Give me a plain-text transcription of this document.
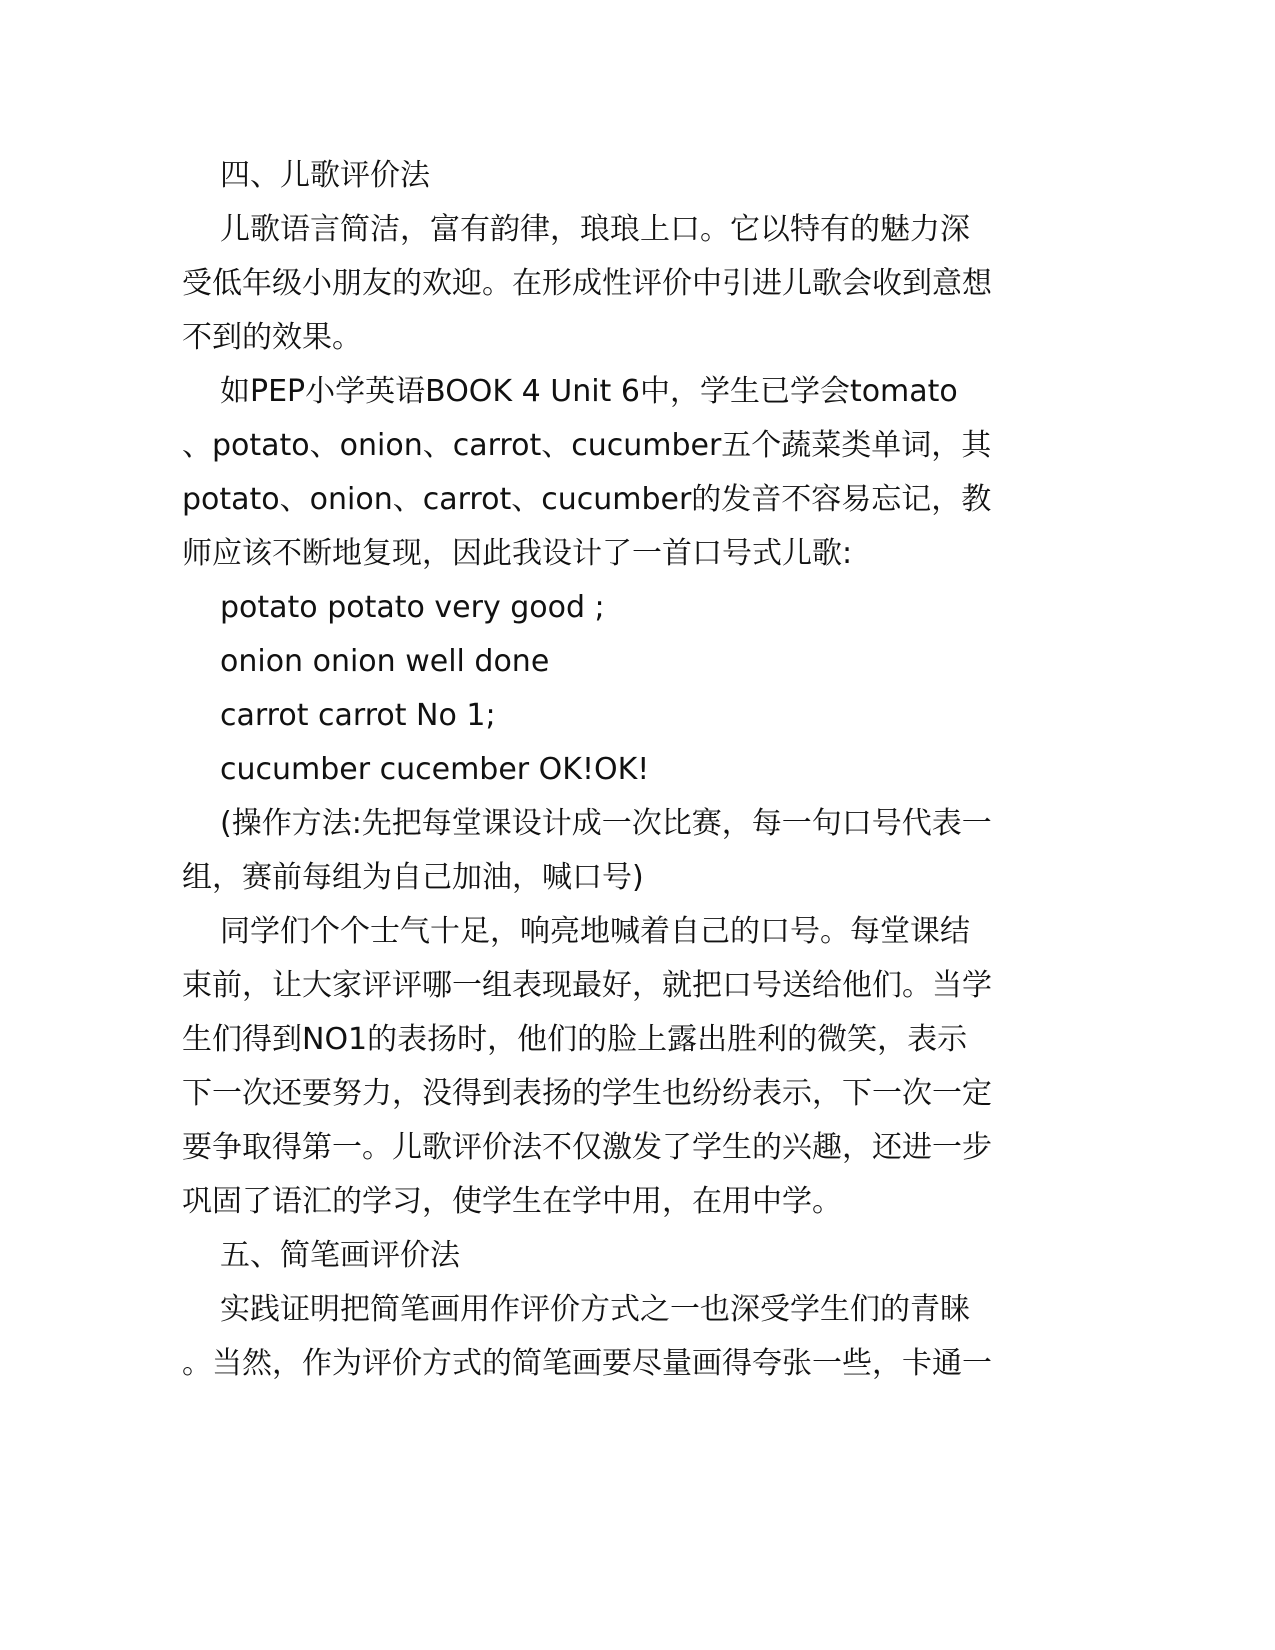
四、儿歌评价法
儿歌语言简洁，富有韵律，琅琅上口。它以特有的魅力深
受低年级小朋友的欢迎。在形成性评价中引进儿歌会收到意想
不到的效果。
如PEP小学英语BOOK 4 Unit 6中，学生已学会tomato
、potato、onion、carrot、cucumber五个蔬菜类单词，其
potato、onion、carrot、cucumber的发音不容易忘记，教
师应该不断地复现，因此我设计了一首口号式儿歌:
potato potato very good ;
onion onion well done
carrot carrot No 1;
cucumber cucember OK!OK!
(操作方法:先把每堂课设计成一次比赛，每一句口号代表一
组，赛前每组为自己加油，喊口号)
同学们个个士气十足，响亮地喊着自己的口号。每堂课结
束前，让大家评评哪一组表现最好，就把口号送给他们。当学
生们得到NO1的表扬时，他们的脸上露出胜利的微笑，表示
下一次还要努力，没得到表扬的学生也纷纷表示，下一次一定
要争取得第一。儿歌评价法不仅激发了学生的兴趣，还进一步
巩固了语汇的学习，使学生在学中用，在用中学。
五、简笔画评价法
实践证明把简笔画用作评价方式之一也深受学生们的青睐
。当然，作为评价方式的简笔画要尽量画得夸张一些，卡通一
